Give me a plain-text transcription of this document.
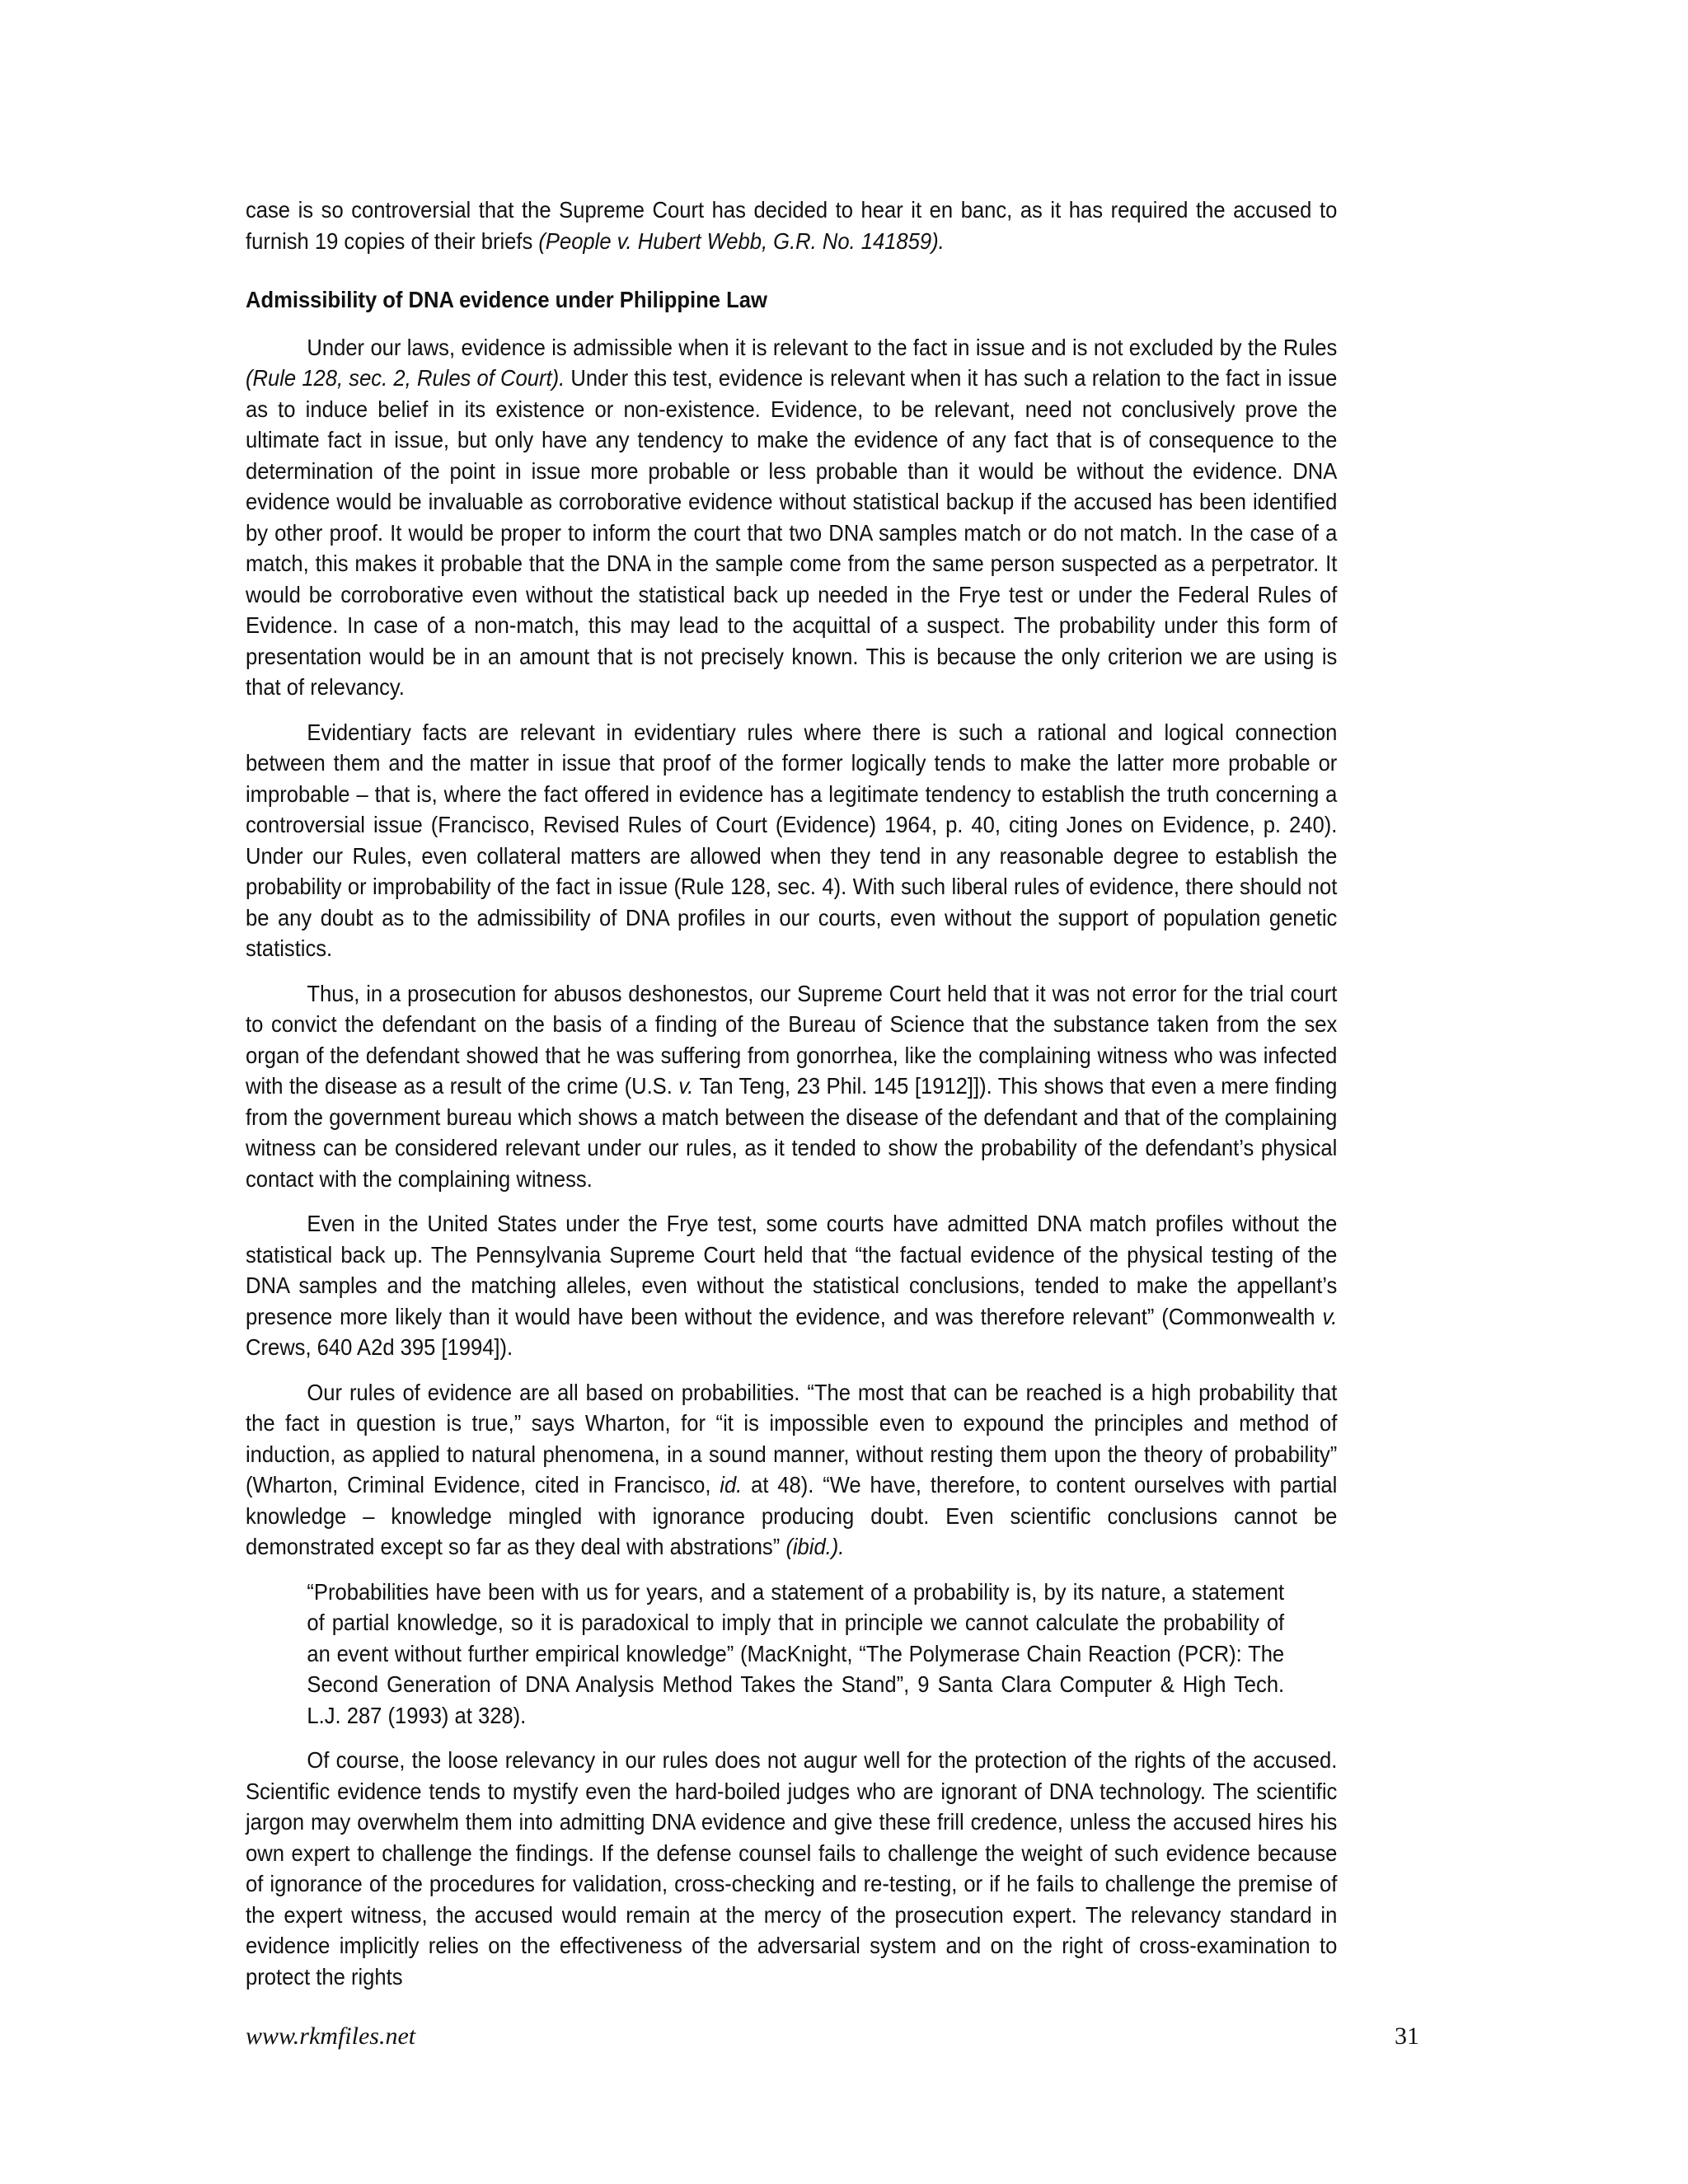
case is so controversial that the Supreme Court has decided to hear it en banc, as it has required the accused to furnish 19 copies of their briefs (People v. Hubert Webb, G.R. No. 141859).

Admissibility of DNA evidence under Philippine Law

Under our laws, evidence is admissible when it is relevant to the fact in issue and is not excluded by the Rules (Rule 128, sec. 2, Rules of Court). Under this test, evidence is relevant when it has such a relation to the fact in issue as to induce belief in its existence or non-existence. Evidence, to be relevant, need not conclusively prove the ultimate fact in issue, but only have any tendency to make the evidence of any fact that is of consequence to the determination of the point in issue more probable or less probable than it would be without the evidence. DNA evidence would be invaluable as corroborative evidence without statistical backup if the accused has been identified by other proof. It would be proper to inform the court that two DNA samples match or do not match. In the case of a match, this makes it probable that the DNA in the sample come from the same person suspected as a perpetrator. It would be corroborative even without the statistical back up needed in the Frye test or under the Federal Rules of Evidence. In case of a non-match, this may lead to the acquittal of a suspect. The probability under this form of presentation would be in an amount that is not precisely known. This is because the only criterion we are using is that of relevancy.

Evidentiary facts are relevant in evidentiary rules where there is such a rational and logical connection between them and the matter in issue that proof of the former logically tends to make the latter more probable or improbable – that is, where the fact offered in evidence has a legitimate tendency to establish the truth concerning a controversial issue (Francisco, Revised Rules of Court (Evidence) 1964, p. 40, citing Jones on Evidence, p. 240). Under our Rules, even collateral matters are allowed when they tend in any reasonable degree to establish the probability or improbability of the fact in issue (Rule 128, sec. 4). With such liberal rules of evidence, there should not be any doubt as to the admissibility of DNA profiles in our courts, even without the support of population genetic statistics.

Thus, in a prosecution for abusos deshonestos, our Supreme Court held that it was not error for the trial court to convict the defendant on the basis of a finding of the Bureau of Science that the substance taken from the sex organ of the defendant showed that he was suffering from gonorrhea, like the complaining witness who was infected with the disease as a result of the crime (U.S. v. Tan Teng, 23 Phil. 145 [1912]]). This shows that even a mere finding from the government bureau which shows a match between the disease of the defendant and that of the complaining witness can be considered relevant under our rules, as it tended to show the probability of the defendant’s physical contact with the complaining witness.

Even in the United States under the Frye test, some courts have admitted DNA match profiles without the statistical back up. The Pennsylvania Supreme Court held that “the factual evidence of the physical testing of the DNA samples and the matching alleles, even without the statistical conclusions, tended to make the appellant’s presence more likely than it would have been without the evidence, and was therefore relevant” (Commonwealth v. Crews, 640 A2d 395 [1994]).

Our rules of evidence are all based on probabilities. “The most that can be reached is a high probability that the fact in question is true,” says Wharton, for “it is impossible even to expound the principles and method of induction, as applied to natural phenomena, in a sound manner, without resting them upon the theory of probability” (Wharton, Criminal Evidence, cited in Francisco, id. at 48). “We have, therefore, to content ourselves with partial knowledge – knowledge mingled with ignorance producing doubt. Even scientific conclusions cannot be demonstrated except so far as they deal with abstrations” (ibid.).

“Probabilities have been with us for years, and a statement of a probability is, by its nature, a statement of partial knowledge, so it is paradoxical to imply that in principle we cannot calculate the probability of an event without further empirical knowledge” (MacKnight, “The Polymerase Chain Reaction (PCR): The Second Generation of DNA Analysis Method Takes the Stand”, 9 Santa Clara Computer & High Tech. L.J. 287 (1993) at 328).

Of course, the loose relevancy in our rules does not augur well for the protection of the rights of the accused. Scientific evidence tends to mystify even the hard-boiled judges who are ignorant of DNA technology. The scientific jargon may overwhelm them into admitting DNA evidence and give these frill credence, unless the accused hires his own expert to challenge the findings. If the defense counsel fails to challenge the weight of such evidence because of ignorance of the procedures for validation, cross-checking and re-testing, or if he fails to challenge the premise of the expert witness, the accused would remain at the mercy of the prosecution expert. The relevancy standard in evidence implicitly relies on the effectiveness of the adversarial system and on the right of cross-examination to protect the rights

www.rkmfiles.net	31
